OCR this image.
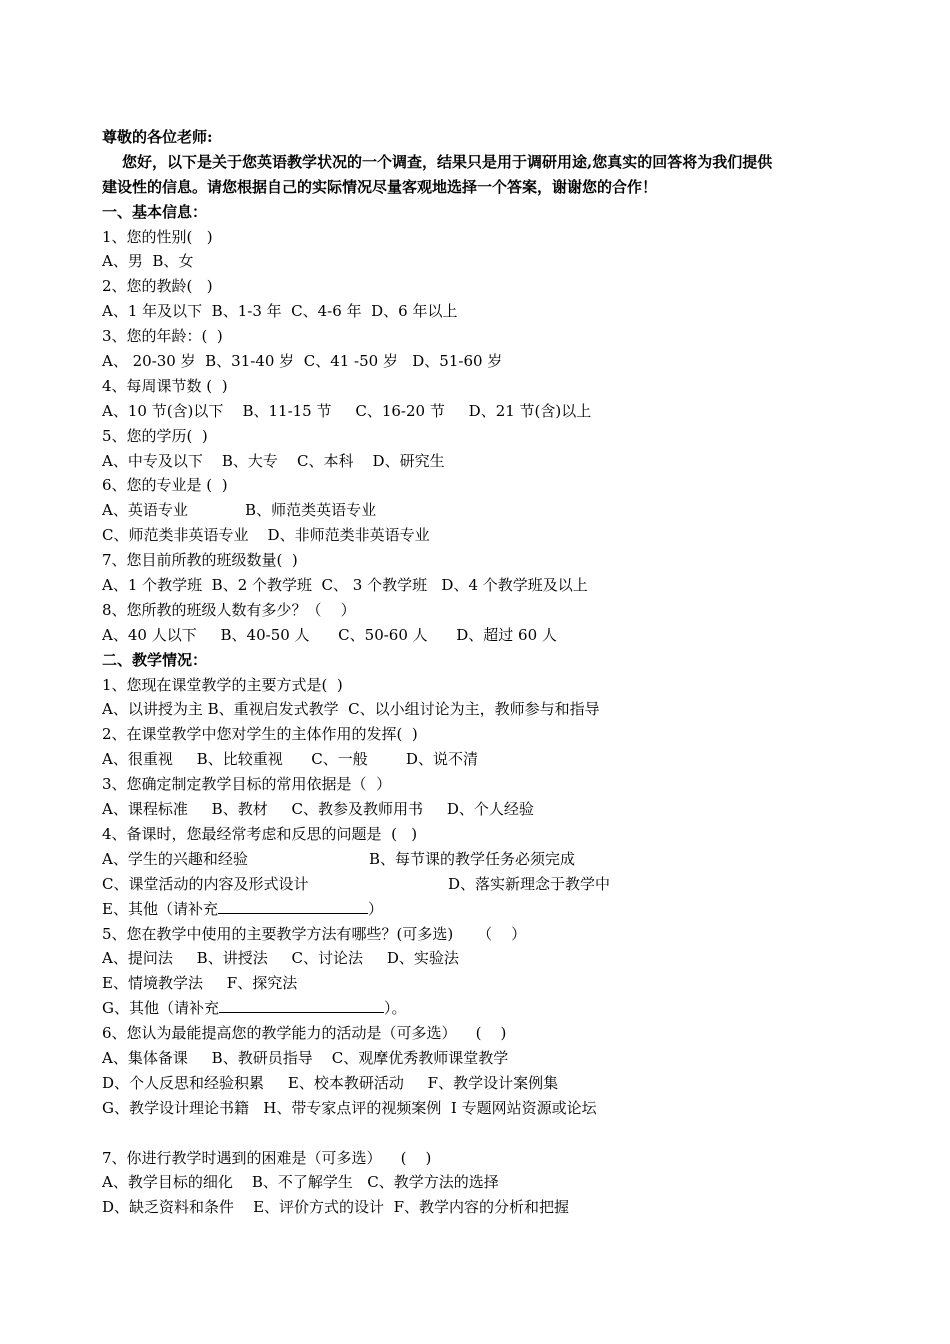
尊敬的各位老师:
您好，以下是关于您英语教学状况的一个调查，结果只是用于调研用途,您真实的回答将为我们提供
建设性的信息。请您根据自己的实际情况尽量客观地选择一个答案，谢谢您的合作！
一、基本信息：
1、您的性别(   )
A、男  B、女
2、您的教龄(   )
A、1 年及以下  B、1-3 年  C、4-6 年  D、6 年以上
3、您的年龄：(  )
A、 20-30 岁  B、31-40 岁  C、41 -50 岁   D、51-60 岁
4、每周课节数 (  )
A、10 节(含)以下    B、11-15 节     C、16-20 节     D、21 节(含)以上
5、您的学历(  )
A、中专及以下    B、大专    C、本科    D、研究生
6、您的专业是 (  )
A、英语专业            B、师范类英语专业
C、师范类非英语专业    D、非师范类非英语专业
7、您目前所教的班级数量(  )
A、1 个教学班  B、2 个教学班  C、 3 个教学班   D、4 个教学班及以上
8、您所教的班级人数有多少？（    ）
A、40 人以下     B、40-50 人      C、50-60 人      D、超过 60 人
二、教学情况：
1、您现在课堂教学的主要方式是(  )
A、以讲授为主 B、重视启发式教学  C、以小组讨论为主，教师参与和指导
2、在课堂教学中您对学生的主体作用的发挥(  )
A、很重视     B、比较重视      C、一般        D、说不清
3、您确定制定教学目标的常用依据是（  ）
A、课程标准     B、教材     C、教参及教师用书     D、个人经验
4、备课时，您最经常考虑和反思的问题是  (   )
A、学生的兴趣和经验	B、每节课的教学任务必须完成
C、课堂活动的内容及形式设计	D、落实新理念于教学中
E、其他（请补充	）
5、您在教学中使用的主要教学方法有哪些？(可多选)     （    ）
A、提问法     B、讲授法     C、讨论法     D、实验法
E、情境教学法     F、探究法
G、其他（请补充	）。
6、您认为最能提高您的教学能力的活动是（可多选）    (    )
A、集体备课     B、教研员指导    C、观摩优秀教师课堂教学
D、个人反思和经验积累     E、校本教研活动     F、教学设计案例集
G、教学设计理论书籍   H、带专家点评的视频案例  I 专题网站资源或论坛
7、你进行教学时遇到的困难是（可多选）    (    )
A、教学目标的细化    B、不了解学生   C、教学方法的选择
D、缺乏资料和条件    E、评价方式的设计  F、教学内容的分析和把握
